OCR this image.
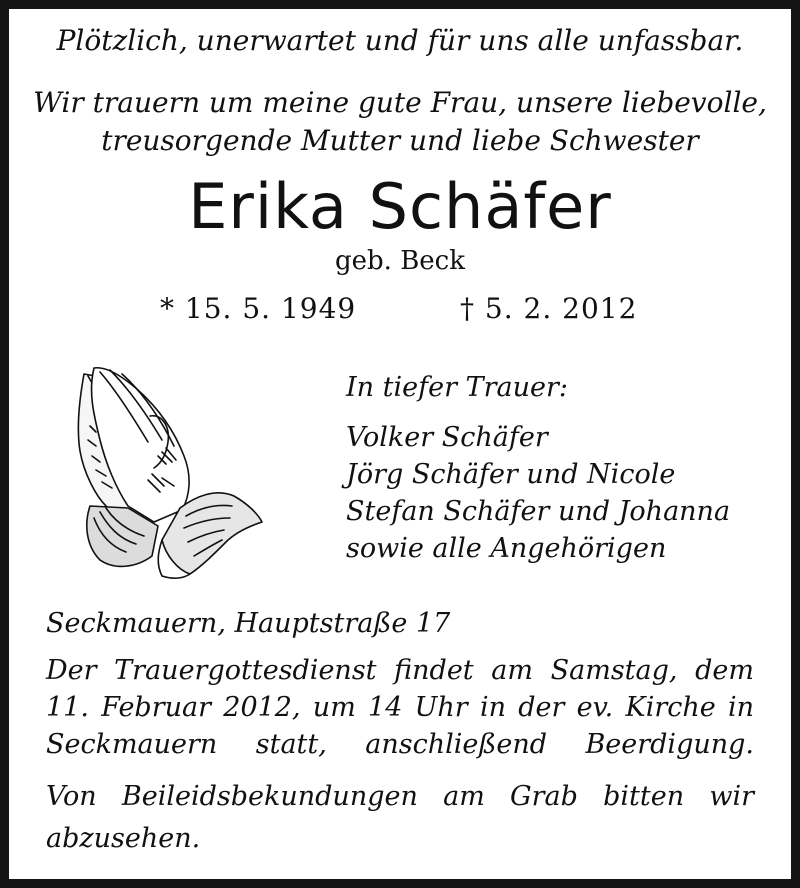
Plötzlich, unerwartet und für uns alle unfassbar.
Wir trauern um meine gute Frau, unsere liebevolle,
treusorgende Mutter und liebe Schwester
Erika Schäfer
geb. Beck
* 15. 5. 1949	† 5. 2. 2012
In tiefer Trauer:
Volker Schäfer
Jörg Schäfer und Nicole
Stefan Schäfer und Johanna
sowie alle Angehörigen
Seckmauern, Hauptstraße 17
Der Trauergottesdienst findet am Samstag, dem
11. Februar 2012, um 14 Uhr in der ev. Kirche in
Seckmauern statt, anschließend Beerdigung.
Von Beileidsbekundungen am Grab bitten wir
abzusehen.
